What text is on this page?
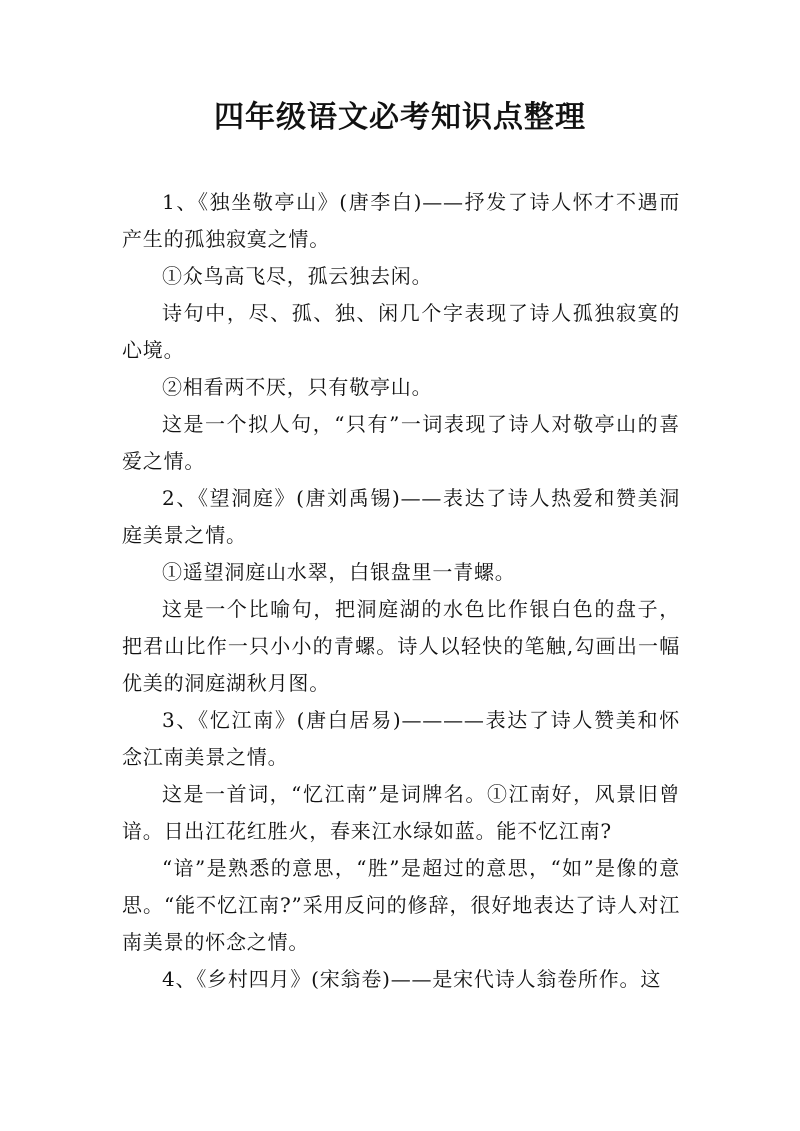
四年级语文必考知识点整理

1、《独坐敬亭山》(唐李白)——抒发了诗人怀才不遇而产生的孤独寂寞之情。

①众鸟高飞尽，孤云独去闲。

诗句中，尽、孤、独、闲几个字表现了诗人孤独寂寞的心境。

②相看两不厌，只有敬亭山。

这是一个拟人句，“只有”一词表现了诗人对敬亭山的喜爱之情。

2、《望洞庭》(唐刘禹锡)——表达了诗人热爱和赞美洞庭美景之情。

①遥望洞庭山水翠，白银盘里一青螺。

这是一个比喻句，把洞庭湖的水色比作银白色的盘子，把君山比作一只小小的青螺。诗人以轻快的笔触,勾画出一幅优美的洞庭湖秋月图。

3、《忆江南》(唐白居易)————表达了诗人赞美和怀念江南美景之情。

这是一首词，“忆江南”是词牌名。①江南好，风景旧曾谙。日出江花红胜火，春来江水绿如蓝。能不忆江南?

“谙”是熟悉的意思，“胜”是超过的意思，“如”是像的意思。“能不忆江南?”采用反问的修辞，很好地表达了诗人对江南美景的怀念之情。

4、《乡村四月》(宋翁卷)——是宋代诗人翁卷所作。这
